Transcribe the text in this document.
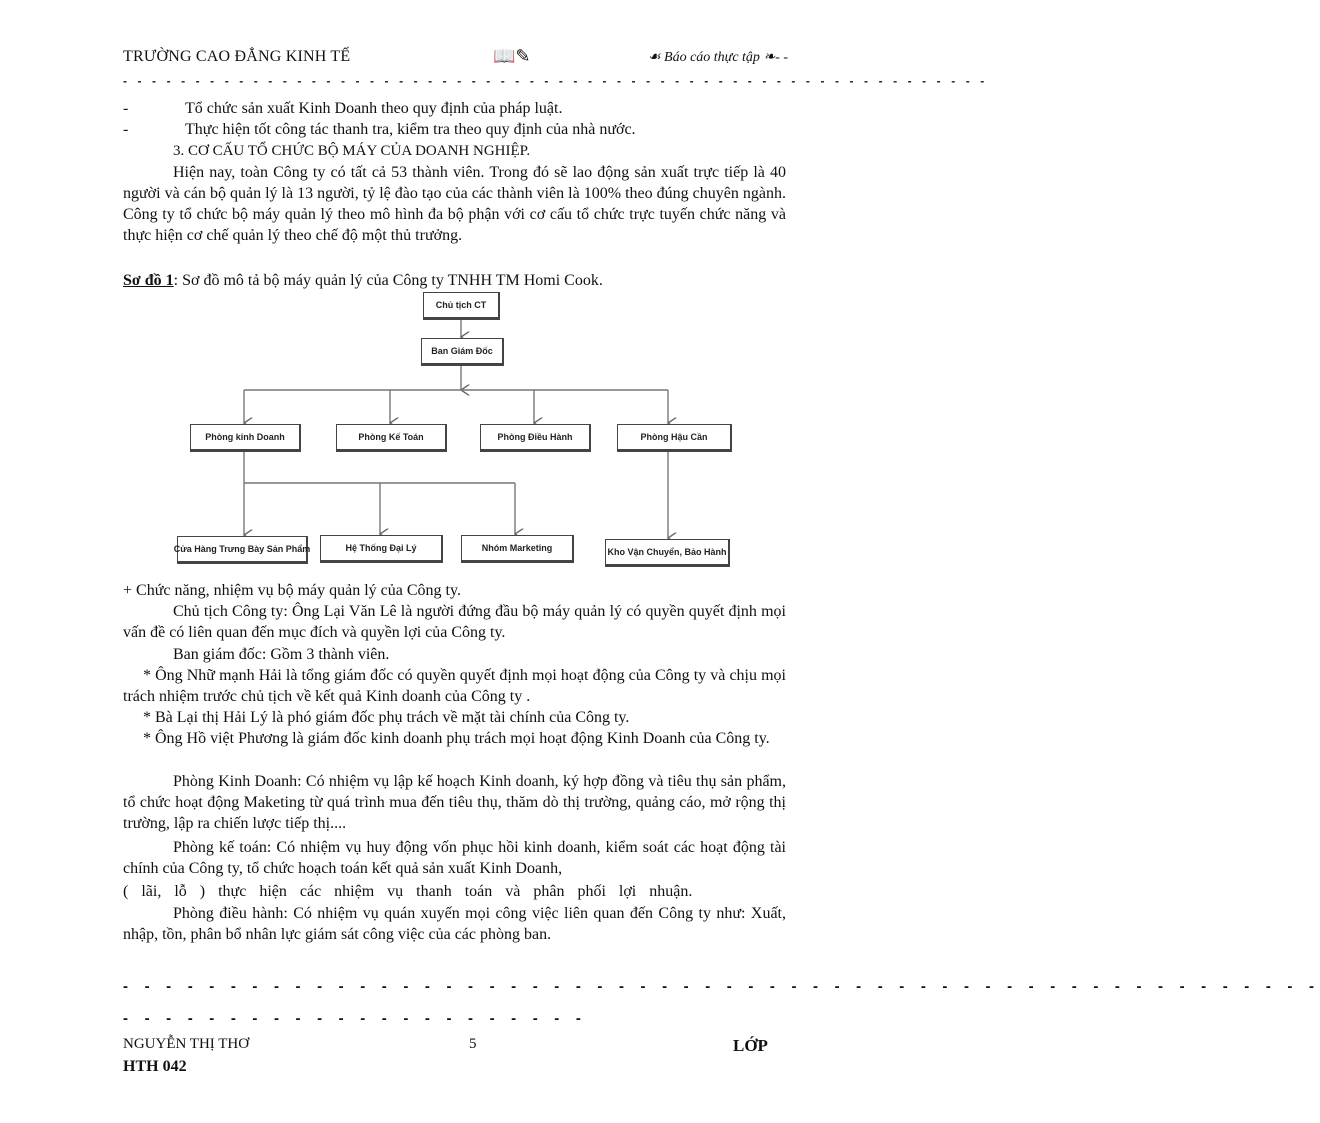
TRƯỜNG CAO ĐẲNG KINH TẾ	📖✎	☙ Báo cáo thực tập ❧- -
- - - - - - - - - - - - - - - - - - - - - - - - - - - - - - - - - - - - - - - - - - - - - - - - - - - - - - - - - - - -
-	Tổ chức sản xuất Kinh Doanh theo quy định của pháp luật.
-	Thực hiện tốt công tác thanh tra, kiểm tra theo quy định của nhà nước.
3. CƠ CẤU TỔ CHỨC BỘ MÁY CỦA DOANH NGHIỆP.
Hiện nay, toàn Công ty có tất cả 53 thành viên. Trong đó sẽ lao động sản xuất trực tiếp là 40 người và cán bộ quản lý là 13 người, tỷ lệ đào tạo của các thành viên là 100% theo đúng chuyên ngành. Công ty tổ chức bộ máy quản lý theo mô hình đa bộ phận với cơ cấu tổ chức trực tuyến chức năng và thực hiện cơ chế quản lý theo chế độ một thủ trưởng.
Sơ đồ 1: Sơ đồ mô tả bộ máy quản lý của Công ty TNHH TM Homi Cook.
Chủ tịch CT
Ban Giám Đốc
Phòng kinh Doanh	Phòng Kế Toán	Phòng Điều Hành	Phòng Hậu Cần
Cửa Hàng Trưng Bày Sản Phẩm	Hệ Thống Đại Lý	Nhóm Marketing	Kho Vận Chuyển, Bảo Hành
+ Chức năng, nhiệm vụ bộ máy quản lý của Công ty.
Chủ tịch Công ty: Ông Lại Văn Lê là người đứng đầu bộ máy quản lý có quyền quyết định mọi vấn đề có liên quan đến mục đích và quyền lợi của Công ty.
Ban giám đốc: Gồm 3 thành viên.
* Ông Nhữ mạnh Hải là tổng giám đốc có quyền quyết định mọi hoạt động của Công ty và chịu mọi trách nhiệm trước chủ tịch về kết quả Kinh doanh của Công ty .
* Bà Lại thị Hải Lý là phó giám đốc phụ trách về mặt tài chính của Công ty.
* Ông Hồ việt Phương là giám đốc kinh doanh phụ trách mọi hoạt động Kinh Doanh của Công ty.
Phòng Kinh Doanh: Có nhiệm vụ lập kế hoạch Kinh doanh, ký hợp đồng và tiêu thụ sản phẩm, tổ chức hoạt động Maketing từ quá trình mua đến tiêu thụ, thăm dò thị trường, quảng cáo, mở rộng thị trường, lập ra chiến lược tiếp thị....
Phòng kế toán: Có nhiệm vụ huy động vốn phục hồi kinh doanh, kiểm soát các hoạt động tài chính của Công ty, tổ chức hoạch toán kết quả sản xuất Kinh Doanh,
( lãi, lỗ ) thực hiện các nhiệm vụ thanh toán và phân phối lợi nhuận.
Phòng điều hành: Có nhiệm vụ quán xuyến mọi công việc liên quan đến Công ty như: Xuất, nhập, tồn, phân bổ nhân lực giám sát công việc của các phòng ban.
- - - - - - - - - - - - - - - - - - - - - - - - - - - - - - - - - - - - - - - - - - - - - - - - - - - - - - - -
- - - - - - - - - - - - - - - - - - - - - -
NGUYỄN THỊ THƠ	5	LỚP
HTH 042
